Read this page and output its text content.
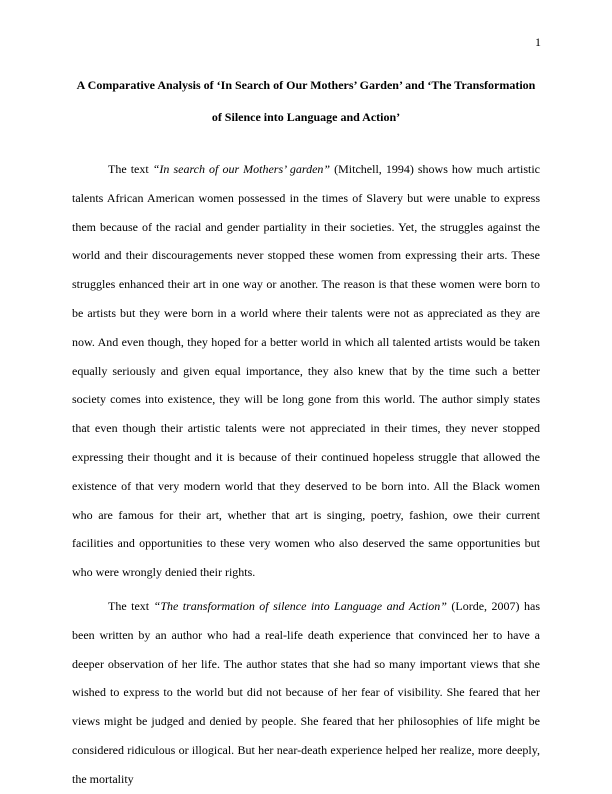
1
A Comparative Analysis of ‘In Search of Our Mothers’ Garden’ and ‘The Transformation of Silence into Language and Action’

The text “In search of our Mothers’ garden” (Mitchell, 1994) shows how much artistic talents African American women possessed in the times of Slavery but were unable to express them because of the racial and gender partiality in their societies. Yet, the struggles against the world and their discouragements never stopped these women from expressing their arts. These struggles enhanced their art in one way or another. The reason is that these women were born to be artists but they were born in a world where their talents were not as appreciated as they are now. And even though, they hoped for a better world in which all talented artists would be taken equally seriously and given equal importance, they also knew that by the time such a better society comes into existence, they will be long gone from this world. The author simply states that even though their artistic talents were not appreciated in their times, they never stopped expressing their thought and it is because of their continued hopeless struggle that allowed the existence of that very modern world that they deserved to be born into. All the Black women who are famous for their art, whether that art is singing, poetry, fashion, owe their current facilities and opportunities to these very women who also deserved the same opportunities but who were wrongly denied their rights.

The text “The transformation of silence into Language and Action” (Lorde, 2007) has been written by an author who had a real-life death experience that convinced her to have a deeper observation of her life. The author states that she had so many important views that she wished to express to the world but did not because of her fear of visibility. She feared that her views might be judged and denied by people. She feared that her philosophies of life might be considered ridiculous or illogical. But her near-death experience helped her realize, more deeply, the mortality
